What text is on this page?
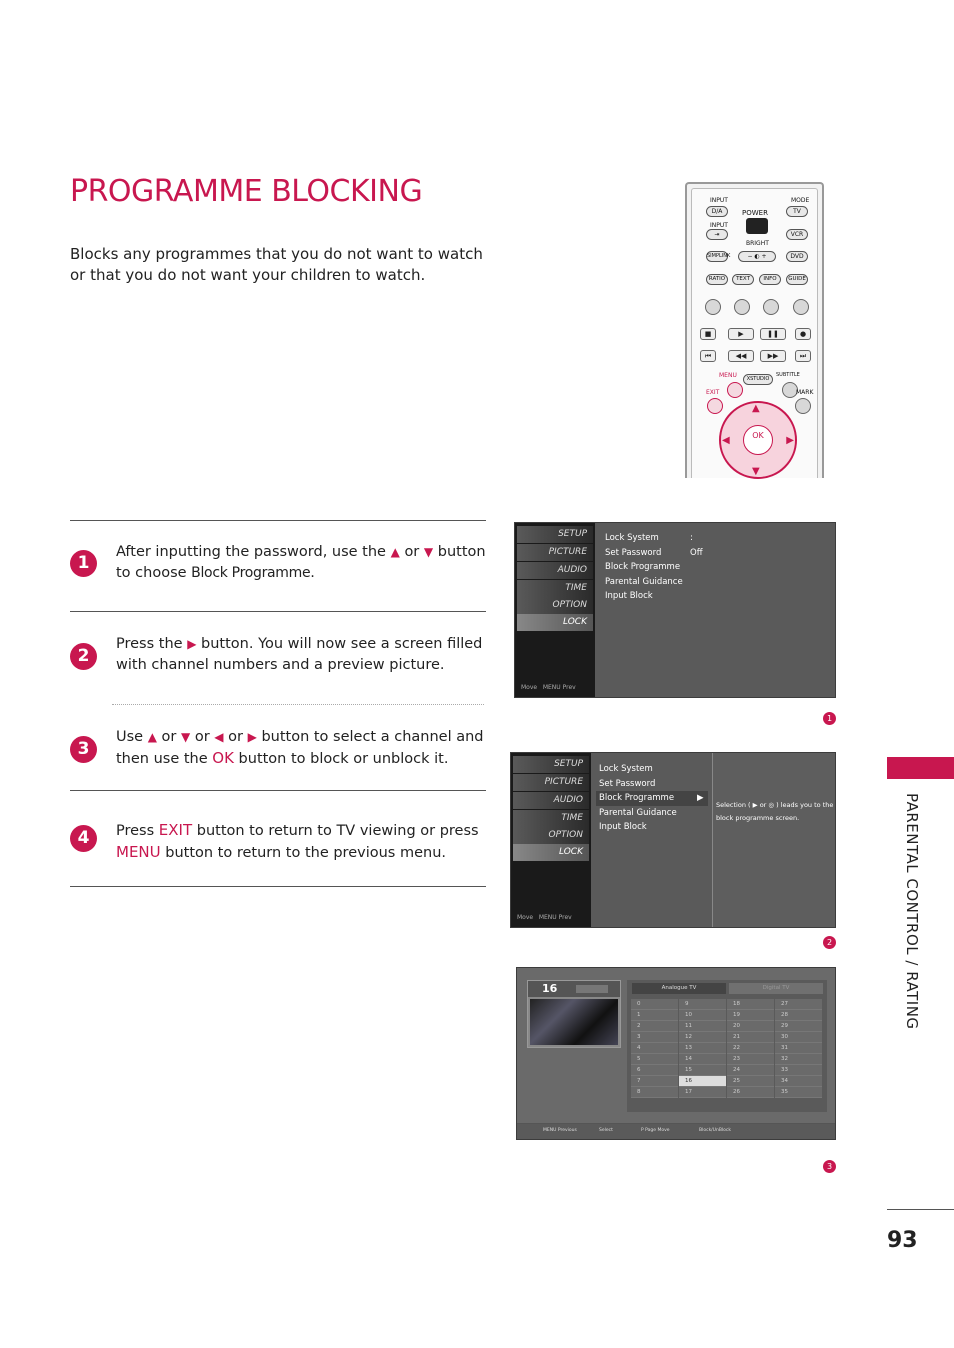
PROGRAMME BLOCKING
Blocks any programmes that you do not want to watch or that you do not want your children to watch.
INPUT	MODE
D/A	POWER	TV
INPUT
⇥	VCR
BRIGHT
SIMPLINK	− ◐ +	DVD
RATIO	TEXT	INFO	GUIDE
■	▶	❚❚	●
⏮	◀◀	▶▶	⏭
MENU	XSTUDIO
SUBTITLE
EXIT	MARK
▲
▼
◀	▶
OK
1
After inputting the password, use the ▲ or ▼ button to choose Block Programme.
2
Press the ▶ button. You will now see a screen filled with channel numbers and a preview picture.
3
Use ▲ or ▼ or ◀ or ▶ button to select a channel and then use the OK button to block or unblock it.
4	Press EXIT button to return to TV viewing or press MENU button to return to the previous menu.
SETUP
PICTURE
AUDIO
TIME
OPTION
LOCK
Move MENU Prev
Lock System	: Off
Set Password
Block Programme
Parental Guidance
Input Block
1
SETUP
PICTURE
AUDIO
TIME
OPTION
LOCK
Move MENU Prev
Lock System
Set Password
Block Programme	▶
Parental Guidance
Input Block
Selection ( ▶ or ◎ ) leads you to the block programme screen.
2
16	Analogue TV	Digital TV
MENU Previous	Select	P Page Move	Block/UnBlock
0	9	18	27
1	10	19	28
2	11	20	29
3	12	21	30
4	13	22	31
5	14	23	32
6	15	24	33
7	16	25	34
8	17	26	35
3
PARENTAL CONTROL / RATING
93
